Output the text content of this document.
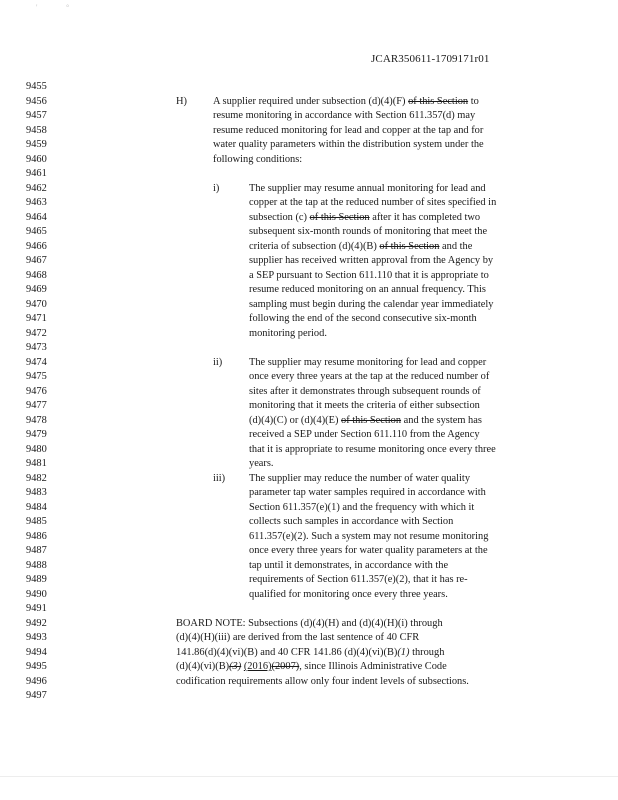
'	°
JCAR350611-1709171r01
9455
9456
9457
9458
9459
9460
9461
9462
9463
9464
9465
9466
9467
9468
9469
9470
9471
9472
9473
9474
9475
9476
9477
9478
9479
9480
9481
9482
9483
9484
9485
9486
9487
9488
9489
9490
9491
9492
9493
9494
9495
9496
9497
H)	A supplier required under subsection (d)(4)(F) of this Section to
resume monitoring in accordance with Section 611.357(d) may
resume reduced monitoring for lead and copper at the tap and for
water quality parameters within the distribution system under the
following conditions:
i)	The supplier may resume annual monitoring for lead and
copper at the tap at the reduced number of sites specified in
subsection (c) of this Section after it has completed two
subsequent six-month rounds of monitoring that meet the
criteria of subsection (d)(4)(B) of this Section and the
supplier has received written approval from the Agency by
a SEP pursuant to Section 611.110 that it is appropriate to
resume reduced monitoring on an annual frequency. This
sampling must begin during the calendar year immediately
following the end of the second consecutive six-month
monitoring period.
ii)	The supplier may resume monitoring for lead and copper
once every three years at the tap at the reduced number of
sites after it demonstrates through subsequent rounds of
monitoring that it meets the criteria of either subsection
(d)(4)(C) or (d)(4)(E) of this Section and the system has
received a SEP under Section 611.110 from the Agency
that it is appropriate to resume monitoring once every three
years.
iii) The supplier may reduce the number of water quality
parameter tap water samples required in accordance with
Section 611.357(e)(1) and the frequency with which it
collects such samples in accordance with Section
611.357(e)(2). Such a system may not resume monitoring
once every three years for water quality parameters at the
tap until it demonstrates, in accordance with the
requirements of Section 611.357(e)(2), that it has re-
qualified for monitoring once every three years.
BOARD NOTE: Subsections (d)(4)(H) and (d)(4)(H)(i) through
(d)(4)(H)(iii) are derived from the last sentence of 40 CFR
141.86(d)(4)(vi)(B) and 40 CFR 141.86 (d)(4)(vi)(B)(1) through
(d)(4)(vi)(B)(3) (2016)(2007), since Illinois Administrative Code
codification requirements allow only four indent levels of subsections.
